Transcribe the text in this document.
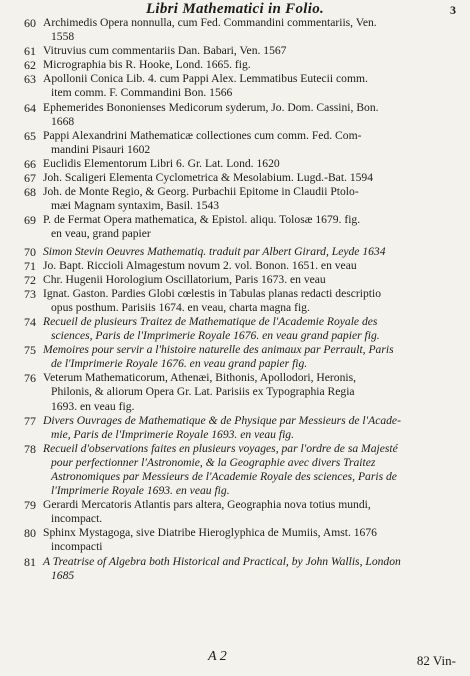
Libri Mathematici in Folio.	3
60 Archimedis Opera nonnulla, cum Fed. Commandini commentariis, Ven.
1558
61 Vitruvius cum commentariis Dan. Babari, Ven. 1567
62 Micrographia bis R. Hooke, Lond. 1665. fig.
63 Apollonii Conica Lib. 4. cum Pappi Alex. Lemmatibus Eutecii comm.
item comm. F. Commandini Bon. 1566
64 Ephemerides Bononienses Medicorum syderum, Jo. Dom. Cassini, Bon.
1668
65 Pappi Alexandrini Mathematicæ collectiones cum comm. Fed. Com-
mandini Pisauri 1602
66 Euclidis Elementorum Libri 6. Gr. Lat. Lond. 1620
67 Joh. Scaligeri Elementa Cyclometrica & Mesolabium. Lugd.-Bat. 1594
68 Joh. de Monte Regio, & Georg. Purbachii Epitome in Claudii Ptolo-
mæi Magnam syntaxim, Basil. 1543
69 P. de Fermat Opera mathematica, & Epistol. aliqu. Tolosæ 1679. fig.
en veau, grand papier
70 Simon Stevin Oeuvres Mathematiq. traduit par Albert Girard, Leyde 1634
71 Jo. Bapt. Riccioli Almagestum novum 2. vol. Bonon. 1651. en veau
72 Chr. Hugenii Horologium Oscillatorium, Paris 1673. en veau
73 Ignat. Gaston. Pardies Globi cœlestis in Tabulas planas redacti descriptio
opus posthum. Parisiis 1674. en veau, charta magna fig.
74 Recueil de plusieurs Traitez de Mathematique de l'Academie Royale des
sciences, Paris de l'Imprimerie Royale 1676. en veau grand papier fig.
75 Memoires pour servir a l'histoire naturelle des animaux par Perrault, Paris
de l'Imprimerie Royale 1676. en veau grand papier fig.
76 Veterum Mathematicorum, Athenæi, Bithonis, Apollodori, Heronis,
Philonis, & aliorum Opera Gr. Lat. Parisiis ex Typographia Regia
1693. en veau fig.
77 Divers Ouvrages de Mathematique & de Physique par Messieurs de l'Acade-
mie, Paris de l'Imprimerie Royale 1693. en veau fig.
78 Recueil d'observations faites en plusieurs voyages, par l'ordre de sa Majesté
pour perfectionner l'Astronomie, & la Geographie avec divers Traitez
Astronomiques par Messieurs de l'Academie Royale des sciences, Paris de
l'Imprimerie Royale 1693. en veau fig.
79 Gerardi Mercatoris Atlantis pars altera, Geographia nova totius mundi,
incompact.
80 Sphinx Mystagoga, sive Diatribe Hieroglyphica de Mumiis, Amst. 1676
incompacti
81 A Treatrise of Algebra both Historical and Practical, by John Wallis, London
1685
A 2	82 Vin-
